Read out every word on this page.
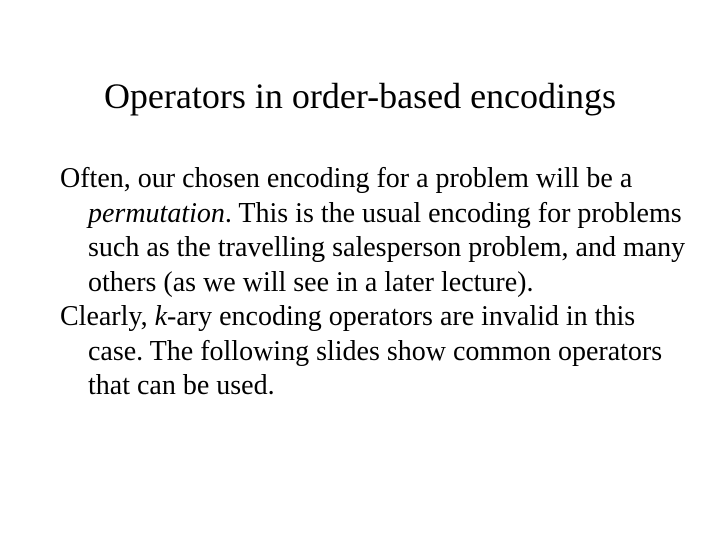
Operators in order-based encodings

Often, our chosen encoding for a problem will be a permutation. This is the usual encoding for problems such as the travelling salesperson problem, and many others (as we will see in a later lecture).

Clearly, k-ary encoding operators are invalid in this case. The following slides show common operators that can be used.
